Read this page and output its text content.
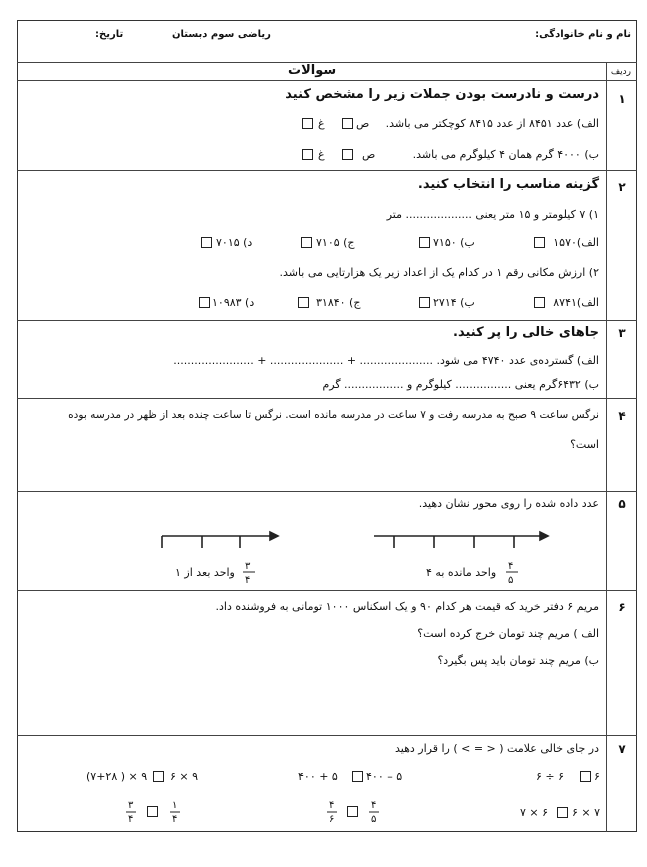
نام و نام خانوادگی:
ریاضی سوم دبستان
تاریخ:
ردیف
سوالات
۱
درست و نادرست بودن جملات زیر را مشخص کنید
الف) عدد ۸۴۵۱ از عدد ۸۴۱۵ کوچکتر می باشد.
ص
غ
ب) ۴۰۰۰ گرم همان ۴ کیلوگرم می باشد.
ص
غ
۲
گزینه مناسب را انتخاب کنید.
۱) ۷ کیلومتر و ۱۵ متر یعنی ................... متر
الف)۱۵۷۰
ب) ۷۱۵۰
ج) ۷۱۰۵
د) ۷۰۱۵
۲) ارزش مکانی رقم ۱ در کدام یک از اعداد زیر یک هزارتایی می باشد.
الف)۸۷۴۱
ب) ۲۷۱۴
ج) ۳۱۸۴۰
د) ۱۰۹۸۳
۳
جاهای خالی را پر کنید.
الف) گسترده‌ی عدد ۴۷۴۰ می شود. ..................... + ..................... + .......................
ب) ۶۴۳۲گرم یعنی ................ کیلوگرم و ................. گرم
۴
نرگس ساعت ۹ صبح به مدرسه رفت و ۷ ساعت در مدرسه مانده است. نرگس تا ساعت چنده بعد از ظهر در مدرسه بوده
است؟
۵
عدد داده شده را روی محور نشان دهید.
۴
۵
واحد مانده به ۴
۳
۴
واحد بعد از ۱
۶
مریم ۶ دفتر خرید که قیمت هر کدام ۹۰ و یک اسکناس ۱۰۰۰ تومانی به فروشنده داد.
الف ) مریم چند تومان خرج کرده است؟
ب) مریم چند تومان باید پس بگیرد؟
۷
در جای خالی علامت ( < = > ) را قرار دهید
۶
۶ ÷ ۶
۴۰۰ – ۵
۴۰۰ + ۵
۶ × ۹
(۷+۲۸ ) × ۹
۶ × ۷
۷ × ۶
۴
۵
۴
۶
۱
۴
۳
۴
